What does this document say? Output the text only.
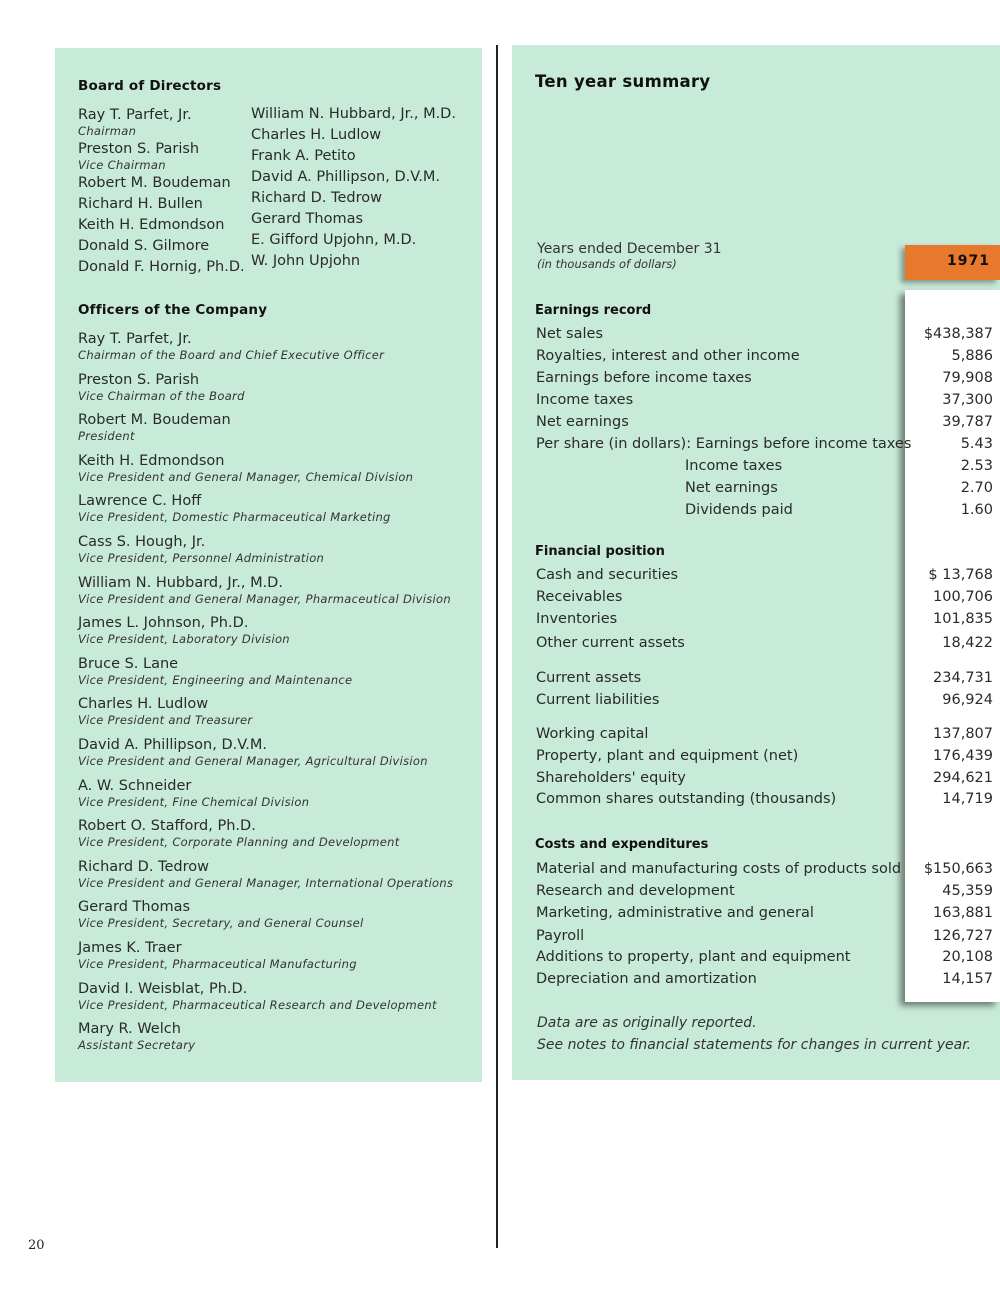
Board of Directors
Ray T. Parfet, Jr.
Chairman
Preston S. Parish
Vice Chairman
Robert M. Boudeman
Richard H. Bullen
Keith H. Edmondson
Donald S. Gilmore
Donald F. Hornig, Ph.D.
William N. Hubbard, Jr., M.D.
Charles H. Ludlow
Frank A. Petito
David A. Phillipson, D.V.M.
Richard D. Tedrow
Gerard Thomas
E. Gifford Upjohn, M.D.
W. John Upjohn
Officers of the Company
Ray T. Parfet, Jr.
Chairman of the Board and Chief Executive Officer
Preston S. Parish
Vice Chairman of the Board
Robert M. Boudeman
President
Keith H. Edmondson
Vice President and General Manager, Chemical Division
Lawrence C. Hoff
Vice President, Domestic Pharmaceutical Marketing
Cass S. Hough, Jr.
Vice President, Personnel Administration
William N. Hubbard, Jr., M.D.
Vice President and General Manager, Pharmaceutical Division
James L. Johnson, Ph.D.
Vice President, Laboratory Division
Bruce S. Lane
Vice President, Engineering and Maintenance
Charles H. Ludlow
Vice President and Treasurer
David A. Phillipson, D.V.M.
Vice President and General Manager, Agricultural Division
A. W. Schneider
Vice President, Fine Chemical Division
Robert O. Stafford, Ph.D.
Vice President, Corporate Planning and Development
Richard D. Tedrow
Vice President and General Manager, International Operations
Gerard Thomas
Vice President, Secretary, and General Counsel
James K. Traer
Vice President, Pharmaceutical Manufacturing
David I. Weisblat, Ph.D.
Vice President, Pharmaceutical Research and Development
Mary R. Welch
Assistant Secretary
Ten year summary
Years ended December 31
(in thousands of dollars)	1971
Earnings record
Net sales	$438,387
Royalties, interest and other income	5,886
Earnings before income taxes	79,908
Income taxes	37,300
Net earnings	39,787
Per share (in dollars): Earnings before income taxes	5.43
Income taxes	2.53
Net earnings	2.70
Dividends paid	1.60
Financial position
Cash and securities	$ 13,768
Receivables	100,706
Inventories	101,835
Other current assets	18,422
Current assets	234,731
Current liabilities	96,924
Working capital	137,807
Property, plant and equipment (net)	176,439
Shareholders' equity	294,621
Common shares outstanding (thousands)	14,719
Costs and expenditures
Material and manufacturing costs of products sold $150,663
Research and development	45,359
Marketing, administrative and general	163,881
Payroll	126,727
Additions to property, plant and equipment	20,108
Depreciation and amortization	14,157
Data are as originally reported.
See notes to financial statements for changes in current year.
20
